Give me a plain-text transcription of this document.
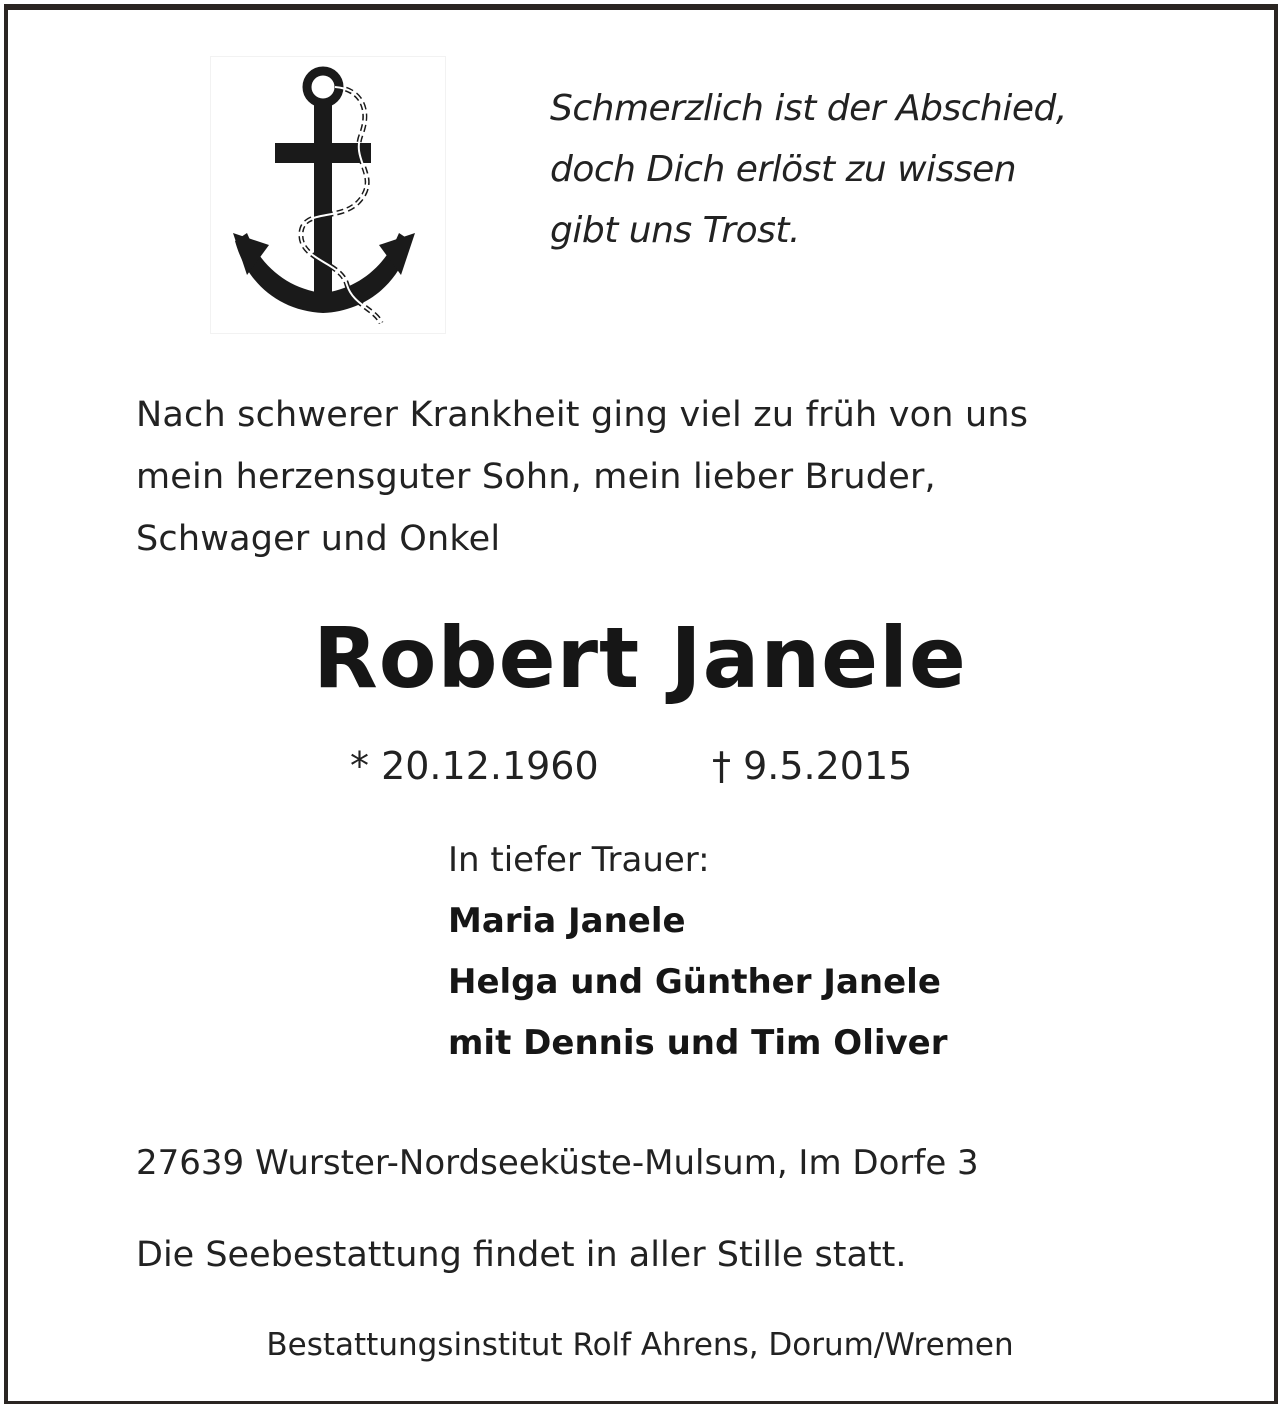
Schmerzlich ist der Abschied,
doch Dich erlöst zu wissen
gibt uns Trost.
Nach schwerer Krankheit ging viel zu früh von uns
mein herzensguter Sohn, mein lieber Bruder,
Schwager und Onkel
Robert Janele
* 20.12.1960	† 9.5.2015
In tiefer Trauer:
Maria Janele
Helga und Günther Janele
mit Dennis und Tim Oliver
27639 Wurster-Nordseeküste-Mulsum, Im Dorfe 3
Die Seebestattung findet in aller Stille statt.
Bestattungsinstitut Rolf Ahrens, Dorum/Wremen
